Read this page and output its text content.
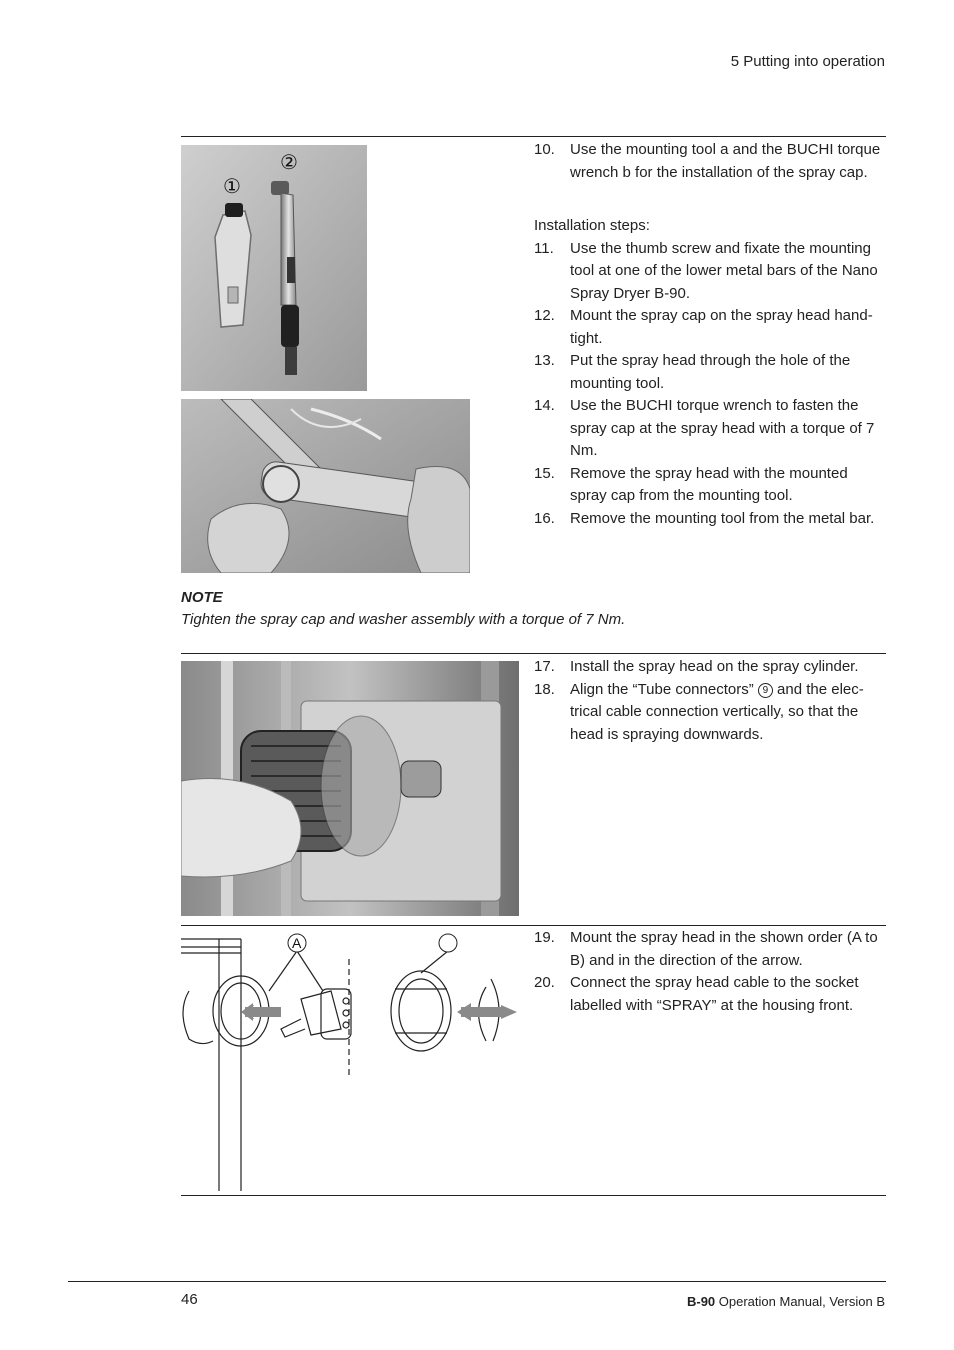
5 Putting into operation
①
②
10.	Use the mounting tool a and the BUCHI torque wrench b for the installation of the spray cap.
Installation steps:
11.	Use the thumb screw and fixate the mounting tool at one of the lower metal bars of the Nano Spray Dryer B-90.
12.	Mount the spray cap on the spray head hand-tight.
13.	Put the spray head through the hole of the mounting tool.
14.	Use the BUCHI torque wrench to fasten the spray cap at the spray head with a torque of 7 Nm.
15.	Remove the spray head with the mounted spray cap from the mounting tool.
16.	Remove the mounting tool from the metal bar.
NOTE
Tighten the spray cap and washer assembly with a torque of 7 Nm.
17.	Install the spray head on the spray cylinder.
18.	Align the “Tube connectors” 9 and the elec-trical cable connection vertically, so that the head is spraying downwards.
A	19.	Mount the spray head in the shown order (A to B) and in the direction of the arrow.
20.	Connect the spray head cable to the socket labelled with “SPRAY” at the housing front.
46	B-90 Operation Manual, Version B
